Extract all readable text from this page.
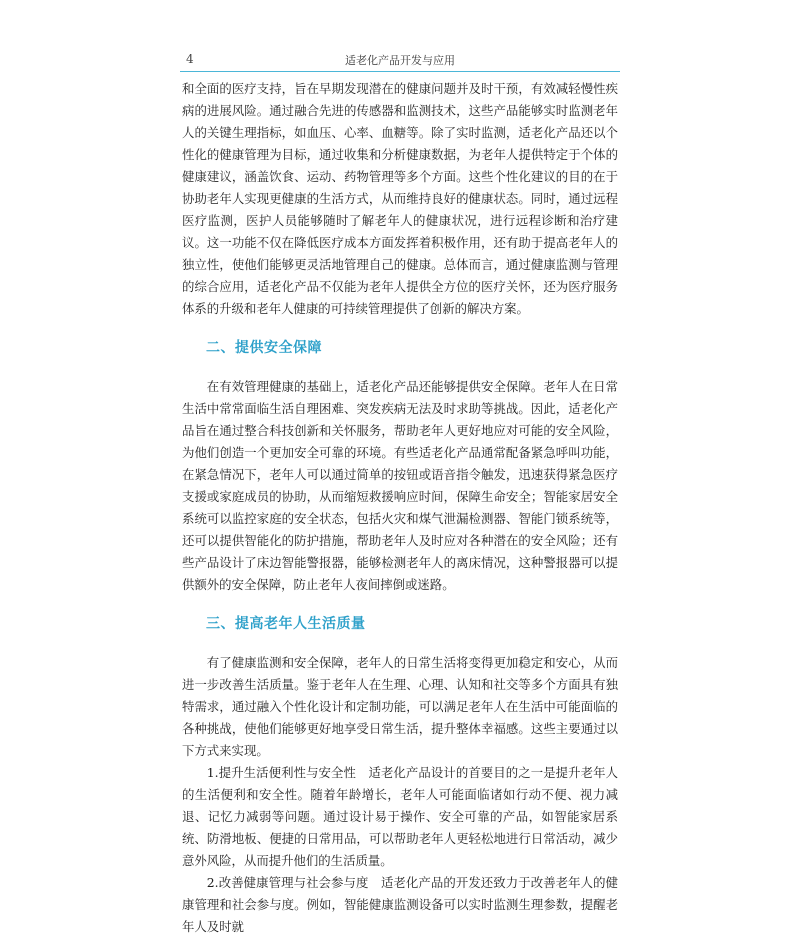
4	适老化产品开发与应用

和全面的医疗支持，旨在早期发现潜在的健康问题并及时干预，有效减轻慢性疾病的进展风险。通过融合先进的传感器和监测技术，这些产品能够实时监测老年人的关键生理指标，如血压、心率、血糖等。除了实时监测，适老化产品还以个性化的健康管理为目标，通过收集和分析健康数据，为老年人提供特定于个体的健康建议，涵盖饮食、运动、药物管理等多个方面。这些个性化建议的目的在于协助老年人实现更健康的生活方式，从而维持良好的健康状态。同时，通过远程医疗监测，医护人员能够随时了解老年人的健康状况，进行远程诊断和治疗建议。这一功能不仅在降低医疗成本方面发挥着积极作用，还有助于提高老年人的独立性，使他们能够更灵活地管理自己的健康。总体而言，通过健康监测与管理的综合应用，适老化产品不仅能为老年人提供全方位的医疗关怀，还为医疗服务体系的升级和老年人健康的可持续管理提供了创新的解决方案。

二、提供安全保障

在有效管理健康的基础上，适老化产品还能够提供安全保障。老年人在日常生活中常常面临生活自理困难、突发疾病无法及时求助等挑战。因此，适老化产品旨在通过整合科技创新和关怀服务，帮助老年人更好地应对可能的安全风险，为他们创造一个更加安全可靠的环境。有些适老化产品通常配备紧急呼叫功能，在紧急情况下，老年人可以通过简单的按钮或语音指令触发，迅速获得紧急医疗支援或家庭成员的协助，从而缩短救援响应时间，保障生命安全；智能家居安全系统可以监控家庭的安全状态，包括火灾和煤气泄漏检测器、智能门锁系统等，还可以提供智能化的防护措施，帮助老年人及时应对各种潜在的安全风险；还有些产品设计了床边智能警报器，能够检测老年人的离床情况，这种警报器可以提供额外的安全保障，防止老年人夜间摔倒或迷路。

三、提高老年人生活质量

有了健康监测和安全保障，老年人的日常生活将变得更加稳定和安心，从而进一步改善生活质量。鉴于老年人在生理、心理、认知和社交等多个方面具有独特需求，通过融入个性化设计和定制功能，可以满足老年人在生活中可能面临的各种挑战，使他们能够更好地享受日常生活，提升整体幸福感。这些主要通过以下方式来实现。

1.提升生活便利性与安全性　适老化产品设计的首要目的之一是提升老年人的生活便利和安全性。随着年龄增长，老年人可能面临诸如行动不便、视力减退、记忆力减弱等问题。通过设计易于操作、安全可靠的产品，如智能家居系统、防滑地板、便捷的日常用品，可以帮助老年人更轻松地进行日常活动，减少意外风险，从而提升他们的生活质量。

2.改善健康管理与社会参与度　适老化产品的开发还致力于改善老年人的健康管理和社会参与度。例如，智能健康监测设备可以实时监测生理参数，提醒老年人及时就
